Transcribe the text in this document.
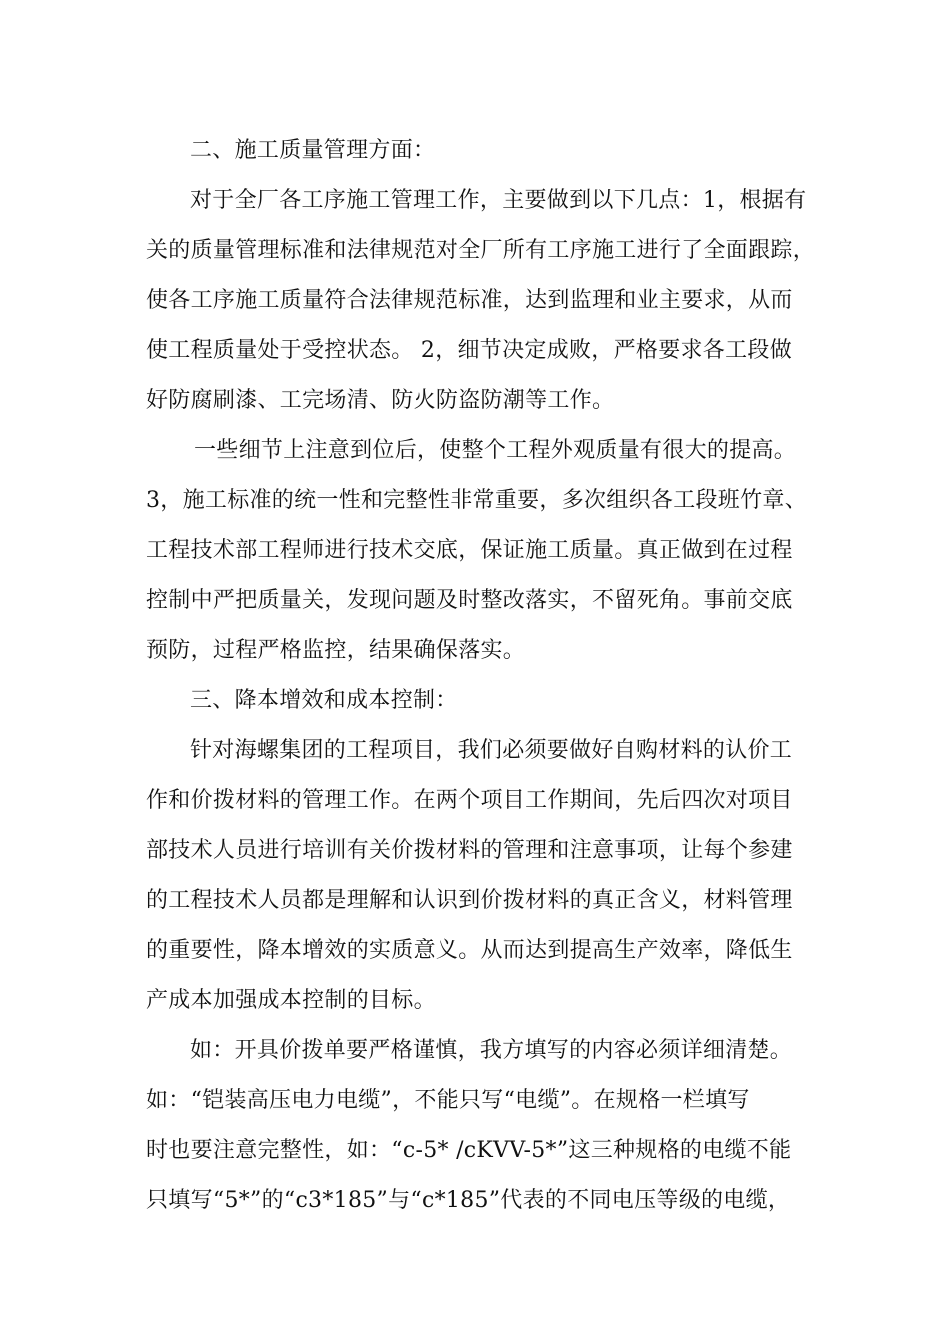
二、施工质量管理方面：
对于全厂各工序施工管理工作，主要做到以下几点：1，根据有
关的质量管理标准和法律规范对全厂所有工序施工进行了全面跟踪，
使各工序施工质量符合法律规范标准，达到监理和业主要求，从而
使工程质量处于受控状态。 2，细节决定成败，严格要求各工段做
好防腐刷漆、工完场清、防火防盗防潮等工作。
一些细节上注意到位后，使整个工程外观质量有很大的提高。
3，施工标准的统一性和完整性非常重要，多次组织各工段班竹章、
工程技术部工程师进行技术交底，保证施工质量。真正做到在过程
控制中严把质量关，发现问题及时整改落实，不留死角。事前交底
预防，过程严格监控，结果确保落实。
三、降本增效和成本控制：
针对海螺集团的工程项目，我们必须要做好自购材料的认价工
作和价拨材料的管理工作。在两个项目工作期间，先后四次对项目
部技术人员进行培训有关价拨材料的管理和注意事项，让每个参建
的工程技术人员都是理解和认识到价拨材料的真正含义，材料管理
的重要性，降本增效的实质意义。从而达到提高生产效率，降低生
产成本加强成本控制的目标。
如：开具价拨单要严格谨慎，我方填写的内容必须详细清楚。
如：“铠装高压电力电缆”，不能只写“电缆”。在规格一栏填写
时也要注意完整性，如：“c-5* /cKVV-5*”这三种规格的电缆不能
只填写“5*”的“c3*185”与“c*185”代表的不同电压等级的电缆，
